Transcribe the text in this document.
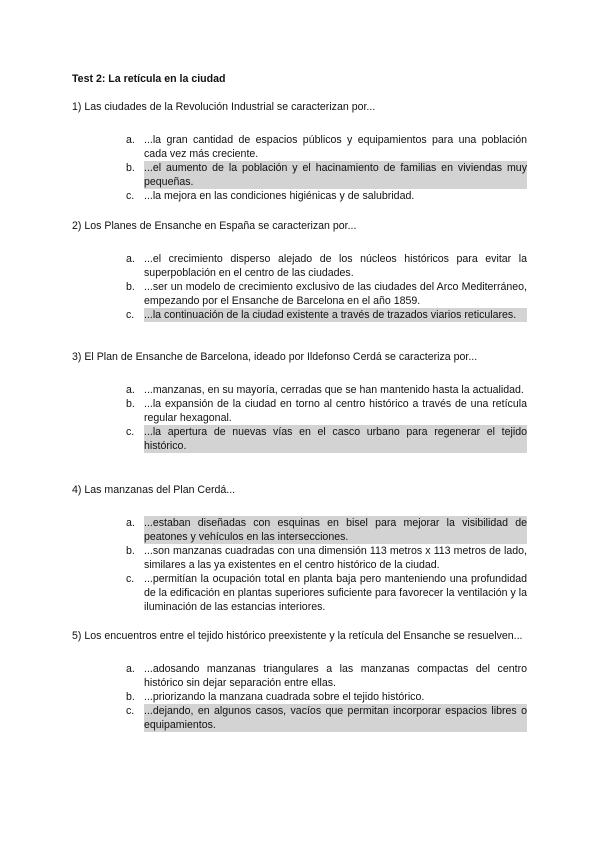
Test 2: La retícula en la ciudad
1) Las ciudades de la Revolución Industrial se caracterizan por...
a. ...la gran cantidad de espacios públicos y equipamientos para una población cada vez más creciente.
b. ...el aumento de la población y el hacinamiento de familias en viviendas muy pequeñas.
c. ...la mejora en las condiciones higiénicas y de salubridad.
2) Los Planes de Ensanche en España se caracterizan por...
a. ...el crecimiento disperso alejado de los núcleos históricos para evitar la superpoblación en el centro de las ciudades.
b. ...ser un modelo de crecimiento exclusivo de las ciudades del Arco Mediterráneo, empezando por el Ensanche de Barcelona en el año 1859.
c. ...la continuación de la ciudad existente a través de trazados viarios reticulares.
3) El Plan de Ensanche de Barcelona, ideado por Ildefonso Cerdá se caracteriza por...
a. ...manzanas, en su mayoría, cerradas que se han mantenido hasta la actualidad.
b. ...la expansión de la ciudad en torno al centro histórico a través de una retícula regular hexagonal.
c. ...la apertura de nuevas vías en el casco urbano para regenerar el tejido histórico.
4) Las manzanas del Plan Cerdá...
a. ...estaban diseñadas con esquinas en bisel para mejorar la visibilidad de peatones y vehículos en las intersecciones.
b. ...son manzanas cuadradas con una dimensión 113 metros x 113 metros de lado, similares a las ya existentes en el centro histórico de la ciudad.
c. ...permitían la ocupación total en planta baja pero manteniendo una profundidad de la edificación en plantas superiores suficiente para favorecer la ventilación y la iluminación de las estancias interiores.
5) Los encuentros entre el tejido histórico preexistente y la retícula del Ensanche se resuelven...
a. ...adosando manzanas triangulares a las manzanas compactas del centro histórico sin dejar separación entre ellas.
b. ...priorizando la manzana cuadrada sobre el tejido histórico.
c. ...dejando, en algunos casos, vacíos que permitan incorporar espacios libres o equipamientos.
